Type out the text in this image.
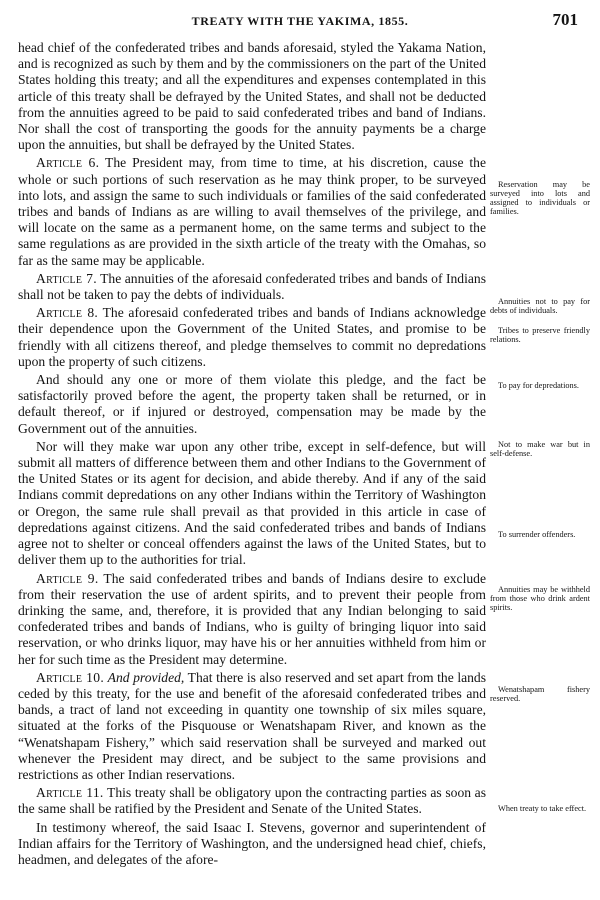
TREATY WITH THE YAKIMA, 1855.	701

head chief of the confederated tribes and bands aforesaid, styled the Yakama Nation, and is recognized as such by them and by the commissioners on the part of the United States holding this treaty; and all the expenditures and expenses contemplated in this article of this treaty shall be defrayed by the United States, and shall not be deducted from the annuities agreed to be paid to said confederated tribes and band of Indians. Nor shall the cost of transporting the goods for the annuity payments be a charge upon the annuities, but shall be defrayed by the United States.

Article 6. The President may, from time to time, at his discretion, cause the whole or such portions of such reservation as he may think proper, to be surveyed into lots, and assign the same to such individuals or families of the said confederated tribes and bands of Indians as are willing to avail themselves of the privilege, and will locate on the same as a permanent home, on the same terms and subject to the same regulations as are provided in the sixth article of the treaty with the Omahas, so far as the same may be applicable.

Article 7. The annuities of the aforesaid confederated tribes and bands of Indians shall not be taken to pay the debts of individuals.

Article 8. The aforesaid confederated tribes and bands of Indians acknowledge their dependence upon the Government of the United States, and promise to be friendly with all citizens thereof, and pledge themselves to commit no depredations upon the property of such citizens.

And should any one or more of them violate this pledge, and the fact be satisfactorily proved before the agent, the property taken shall be returned, or in default thereof, or if injured or destroyed, compensation may be made by the Government out of the annuities.

Nor will they make war upon any other tribe, except in self-defence, but will submit all matters of difference between them and other Indians to the Government of the United States or its agent for decision, and abide thereby. And if any of the said Indians commit depredations on any other Indians within the Territory of Washington or Oregon, the same rule shall prevail as that provided in this article in case of depredations against citizens. And the said confederated tribes and bands of Indians agree not to shelter or conceal offenders against the laws of the United States, but to deliver them up to the authorities for trial.

Article 9. The said confederated tribes and bands of Indians desire to exclude from their reservation the use of ardent spirits, and to prevent their people from drinking the same, and, therefore, it is provided that any Indian belonging to said confederated tribes and bands of Indians, who is guilty of bringing liquor into said reservation, or who drinks liquor, may have his or her annuities withheld from him or her for such time as the President may determine.

Article 10. And provided, That there is also reserved and set apart from the lands ceded by this treaty, for the use and benefit of the aforesaid confederated tribes and bands, a tract of land not exceeding in quantity one township of six miles square, situated at the forks of the Pisquouse or Wenatshapam River, and known as the “Wenatshapam Fishery,” which said reservation shall be surveyed and marked out whenever the President may direct, and be subject to the same provisions and restrictions as other Indian reservations.

Article 11. This treaty shall be obligatory upon the contracting parties as soon as the same shall be ratified by the President and Senate of the United States.

In testimony whereof, the said Isaac I. Stevens, governor and superintendent of Indian affairs for the Territory of Washington, and the undersigned head chief, chiefs, headmen, and delegates of the afore-

Reservation may be surveyed into lots and assigned to individuals or families.
Annuities not to pay for debts of individuals.
Tribes to preserve friendly relations.
To pay for depredations.
Not to make war but in self-defense.
To surrender offenders.
Annuities may be withheld from those who drink ardent spirits.
Wenatshapam fishery reserved.
When treaty to take effect.
